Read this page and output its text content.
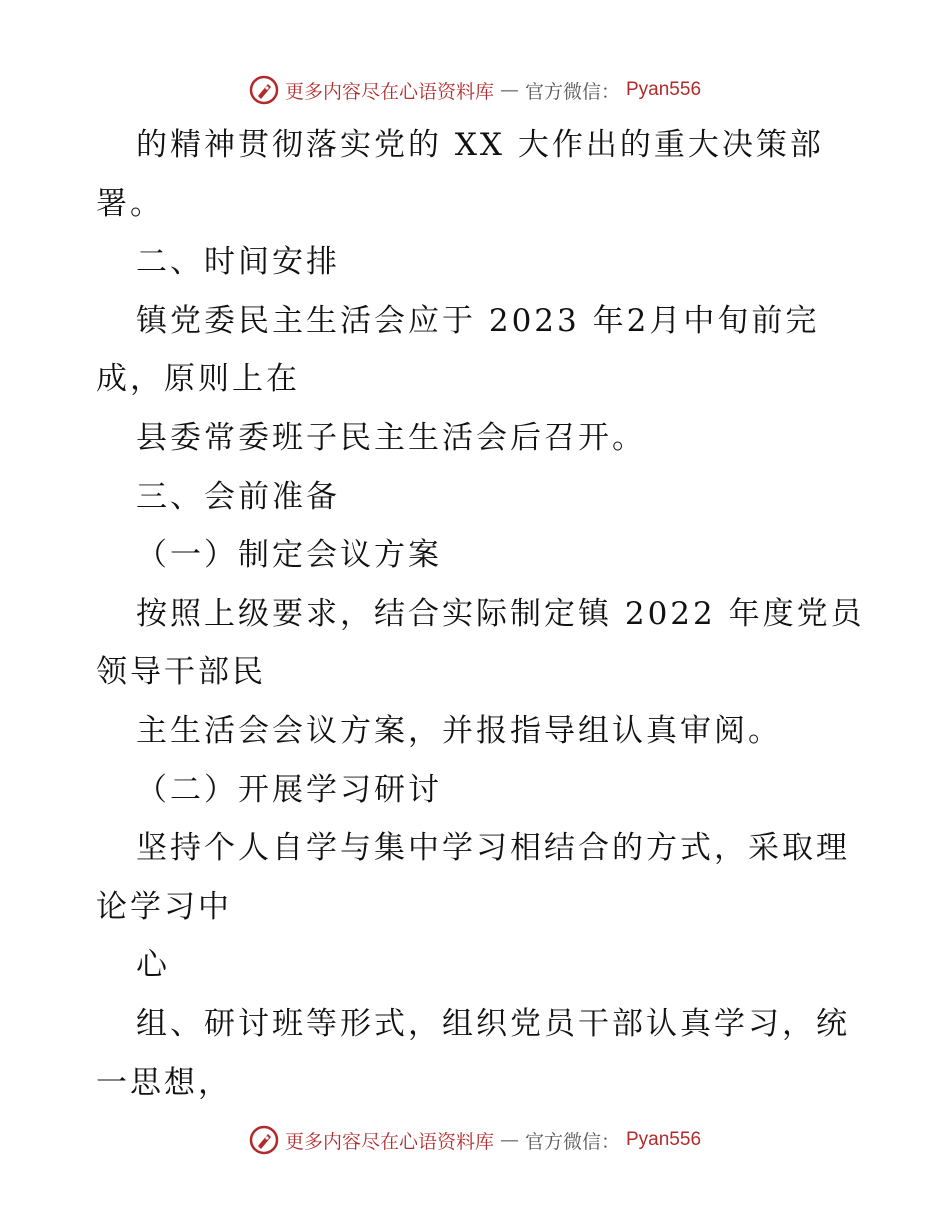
更多内容尽在心语资料库 — 官方微信： Pyan556
的精神贯彻落实党的 XX 大作出的重大决策部
署。
二、时间安排
镇党委民主生活会应于 2023 年2月中旬前完
成，原则上在
县委常委班子民主生活会后召开。
三、会前准备
（一）制定会议方案
按照上级要求，结合实际制定镇 2022 年度党员
领导干部民
主生活会会议方案，并报指导组认真审阅。
（二）开展学习研讨
坚持个人自学与集中学习相结合的方式，采取理
论学习中
心
组、研讨班等形式，组织党员干部认真学习，统
一思想，
更多内容尽在心语资料库 — 官方微信： Pyan556
